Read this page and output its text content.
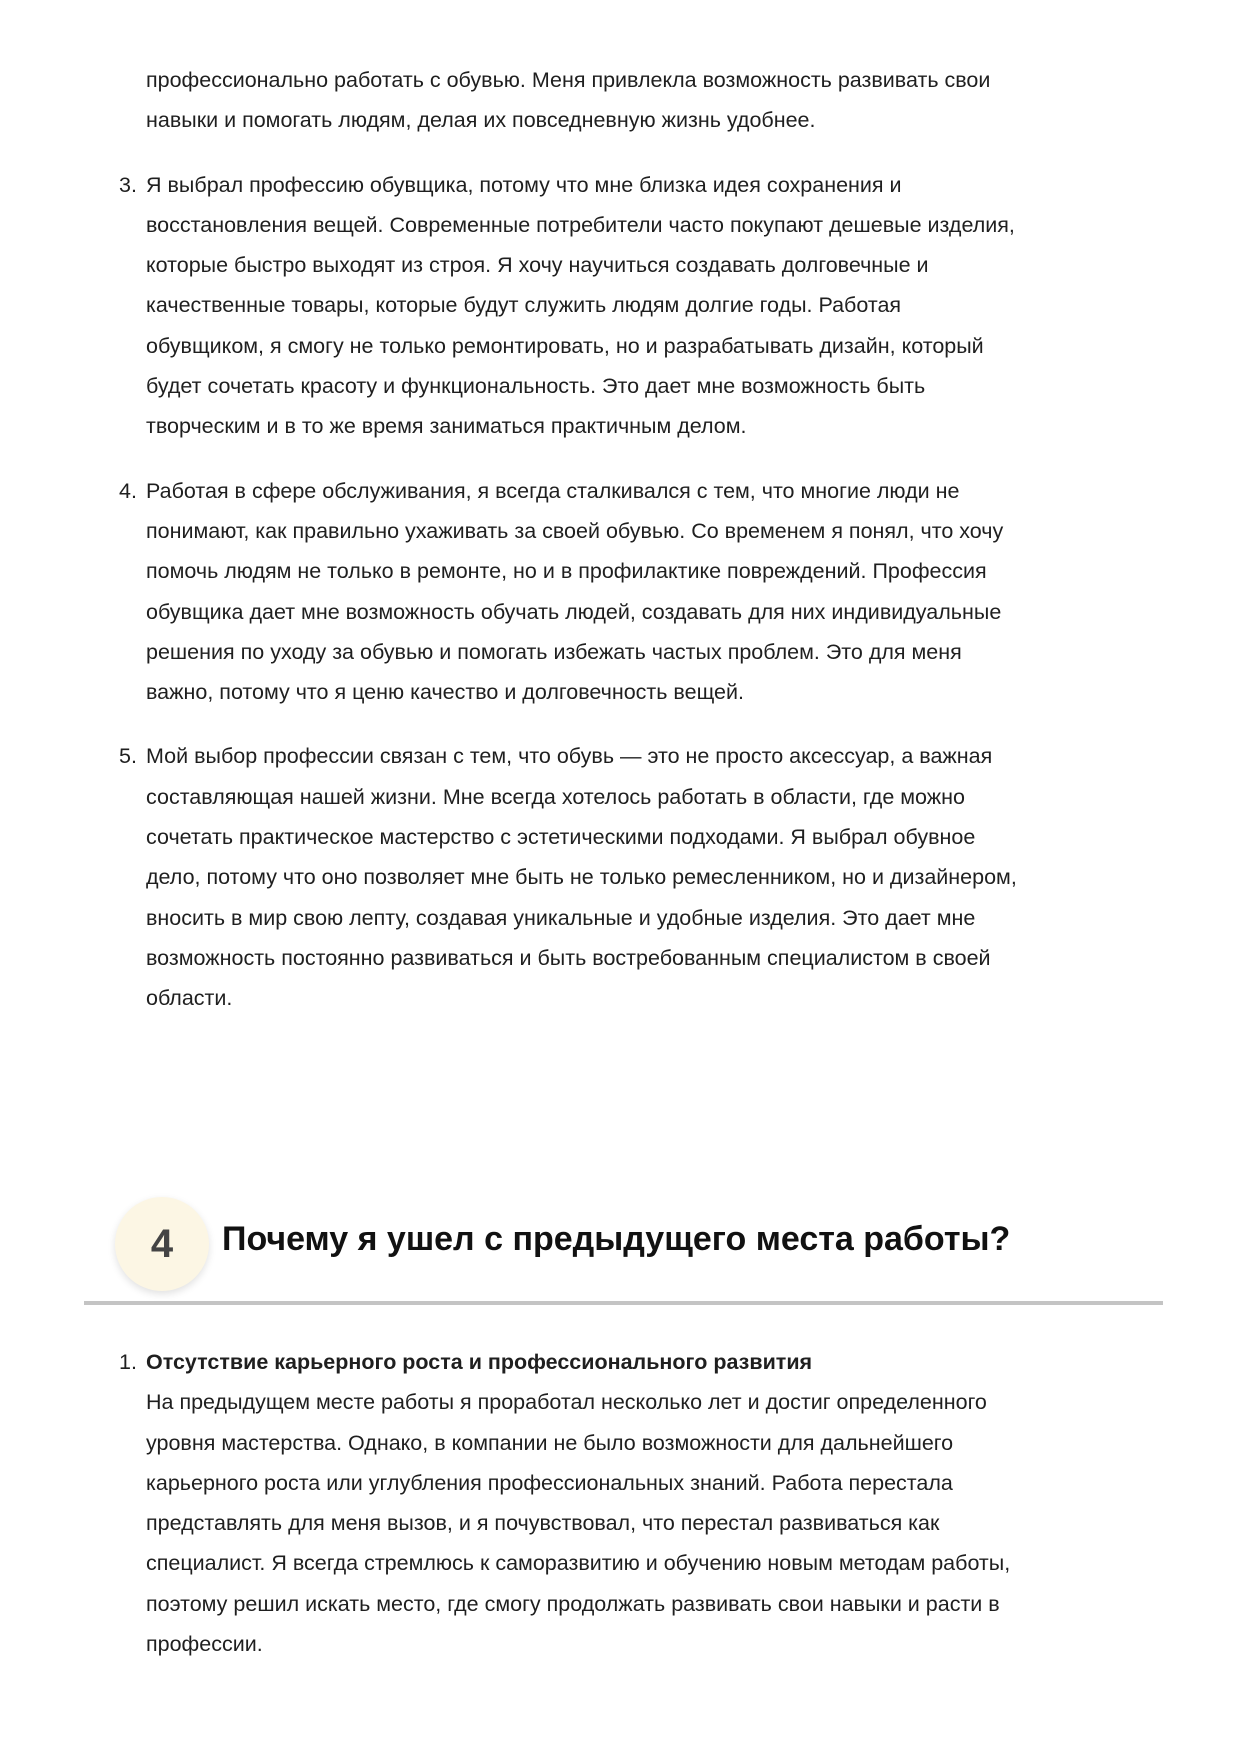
профессионально работать с обувью. Меня привлекла возможность развивать свои
навыки и помогать людям, делая их повседневную жизнь удобнее.
3. Я выбрал профессию обувщика, потому что мне близка идея сохранения и
восстановления вещей. Современные потребители часто покупают дешевые изделия,
которые быстро выходят из строя. Я хочу научиться создавать долговечные и
качественные товары, которые будут служить людям долгие годы. Работая
обувщиком, я смогу не только ремонтировать, но и разрабатывать дизайн, который
будет сочетать красоту и функциональность. Это дает мне возможность быть
творческим и в то же время заниматься практичным делом.
4. Работая в сфере обслуживания, я всегда сталкивался с тем, что многие люди не
понимают, как правильно ухаживать за своей обувью. Со временем я понял, что хочу
помочь людям не только в ремонте, но и в профилактике повреждений. Профессия
обувщика дает мне возможность обучать людей, создавать для них индивидуальные
решения по уходу за обувью и помогать избежать частых проблем. Это для меня
важно, потому что я ценю качество и долговечность вещей.
5. Мой выбор профессии связан с тем, что обувь — это не просто аксессуар, а важная
составляющая нашей жизни. Мне всегда хотелось работать в области, где можно
сочетать практическое мастерство с эстетическими подходами. Я выбрал обувное
дело, потому что оно позволяет мне быть не только ремесленником, но и дизайнером,
вносить в мир свою лепту, создавая уникальные и удобные изделия. Это дает мне
возможность постоянно развиваться и быть востребованным специалистом в своей
области.
4	Почему я ушел с предыдущего места работы?
1. Отсутствие карьерного роста и профессионального развития
На предыдущем месте работы я проработал несколько лет и достиг определенного
уровня мастерства. Однако, в компании не было возможности для дальнейшего
карьерного роста или углубления профессиональных знаний. Работа перестала
представлять для меня вызов, и я почувствовал, что перестал развиваться как
специалист. Я всегда стремлюсь к саморазвитию и обучению новым методам работы,
поэтому решил искать место, где смогу продолжать развивать свои навыки и расти в
профессии.
